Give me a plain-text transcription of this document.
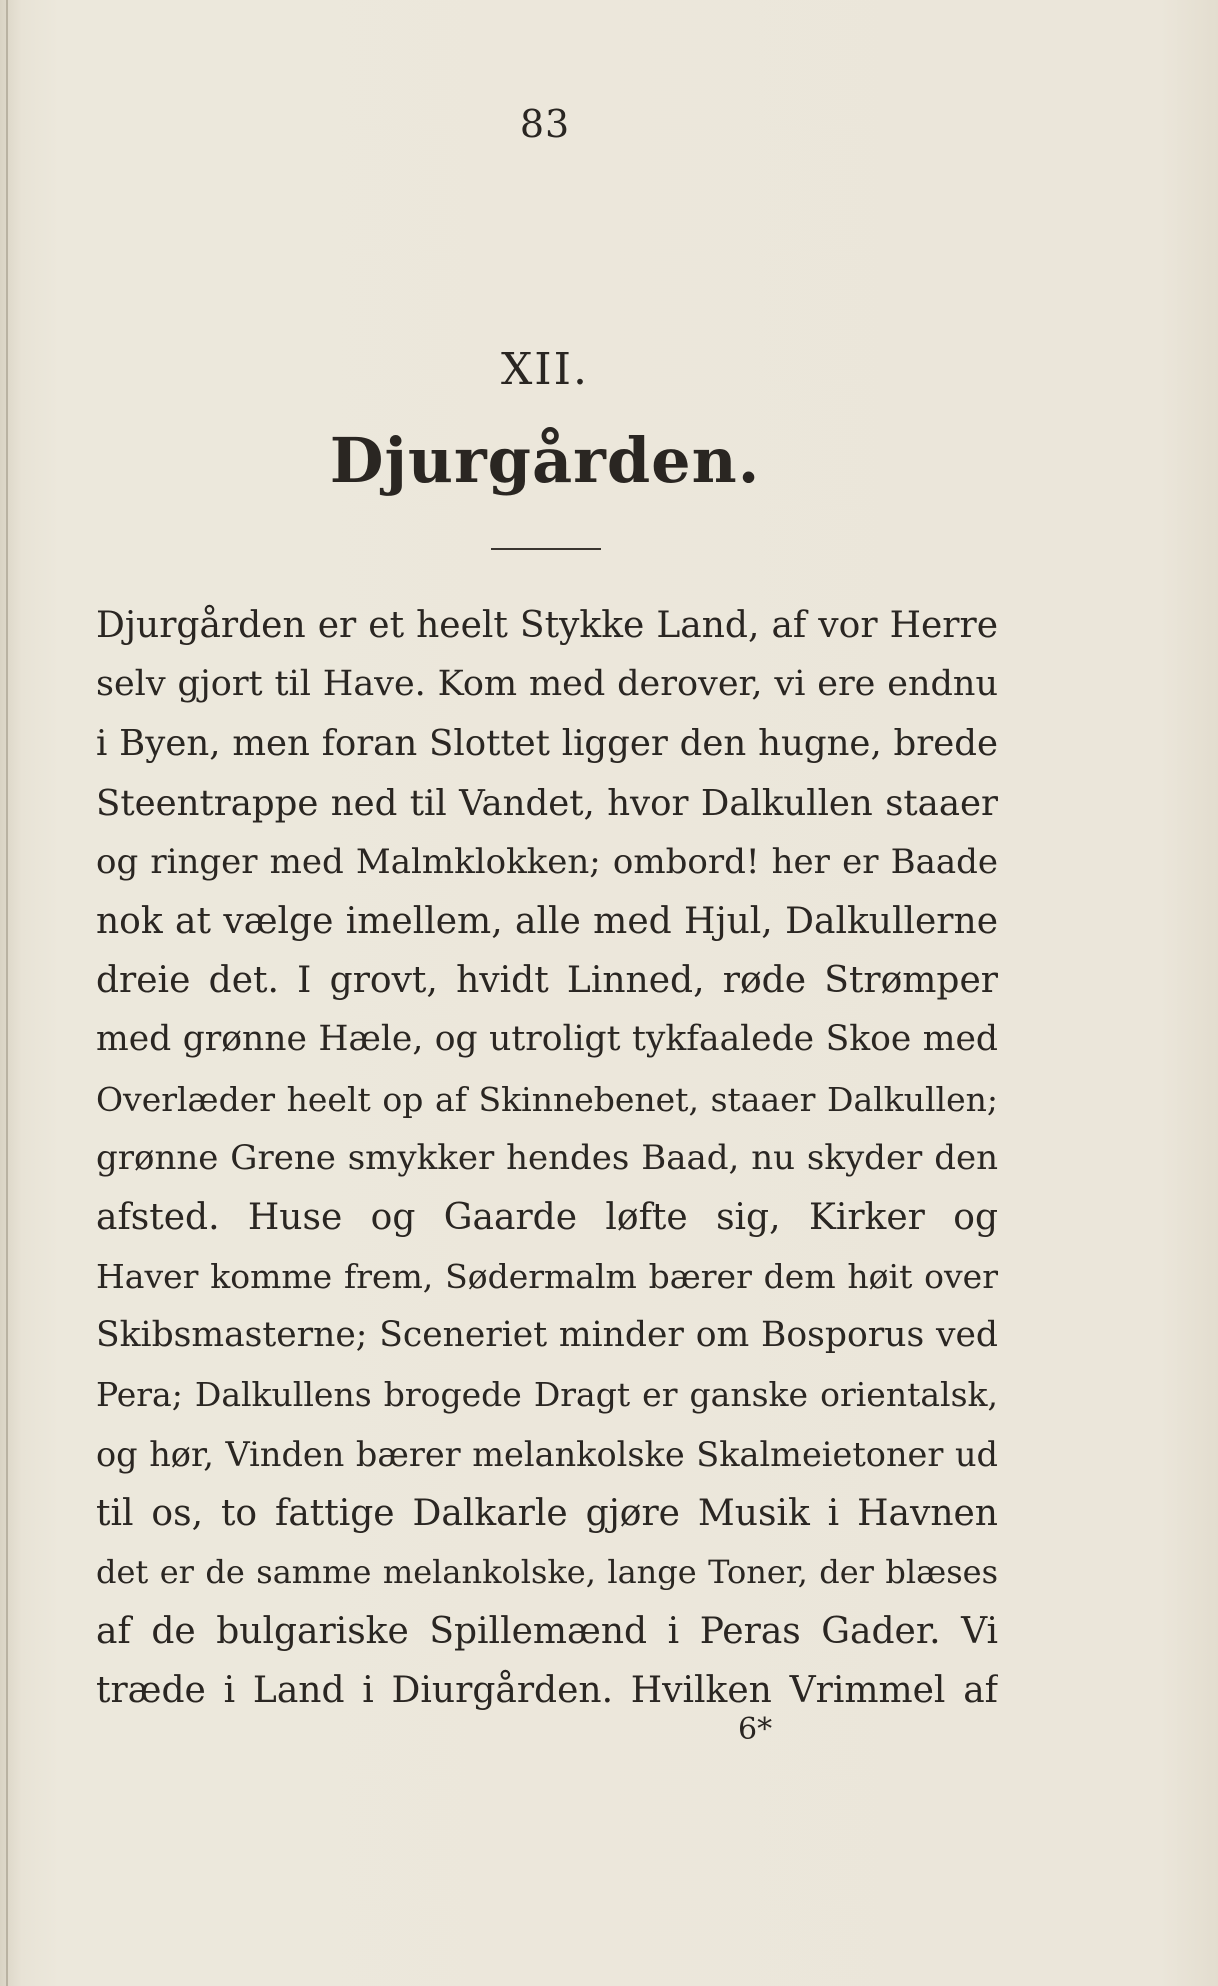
83
XII.
Djurgården.
Djurgården er et heelt Stykke Land, af vor Herre
selv gjort til Have. Kom med derover, vi ere endnu
i Byen, men foran Slottet ligger den hugne, brede
Steentrappe ned til Vandet, hvor Dalkullen staaer
og ringer med Malmklokken; ombord! her er Baade
nok at vælge imellem, alle med Hjul, Dalkullerne
dreie det. I grovt, hvidt Linned, røde Strømper
med grønne Hæle, og utroligt tykfaalede Skoe med
Overlæder heelt op af Skinnebenet, staaer Dalkullen;
grønne Grene smykker hendes Baad, nu skyder den
afsted. Huse og Gaarde løfte sig, Kirker og
Haver komme frem, Sødermalm bærer dem høit over
Skibsmasterne; Sceneriet minder om Bosporus ved
Pera; Dalkullens brogede Dragt er ganske orientalsk,
og hør, Vinden bærer melankolske Skalmeietoner ud
til os, to fattige Dalkarle gjøre Musik i Havnen
det er de samme melankolske, lange Toner, der blæses
af de bulgariske Spillemænd i Peras Gader. Vi
træde i Land i Diurgården. Hvilken Vrimmel af
6*
